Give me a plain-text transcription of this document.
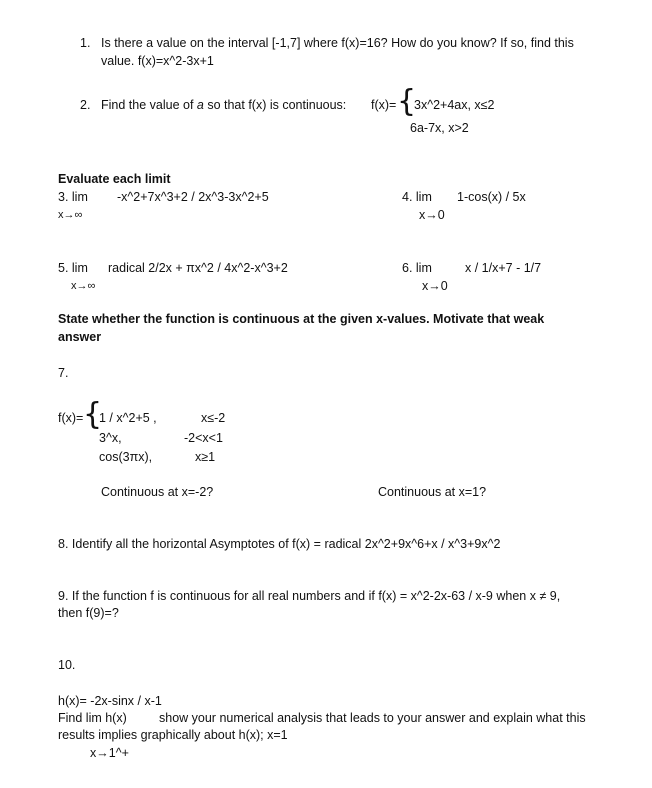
1. Is there a value on the interval [-1,7] where f(x)=16? How do you know? If so, find this
value. f(x)=x^2-3x+1
2. Find the value of a so that f(x) is continuous: f(x)= {
3x^2+4ax, x≤2
6a-7x, x>2
Evaluate each limit
3. lim -x^2+7x^3+2 / 2x^3-3x^2+5
x→∞
4. lim 1-cos(x) / 5x
x→0
5. lim radical 2/2x + πx^2 / 4x^2-x^3+2
x→∞
6. lim	x / 1/x+7 - 1/7
x→0
State whether the function is continuous at the given x-values. Motivate that weak
answer
7.
f(x)= {
1 / x^2+5 ,	x≤-2
3^x,	-2<x<1
cos(3πx),	x≥1
Continuous at x=-2?	Continuous at x=1?
8. Identify all the horizontal Asymptotes of f(x) = radical 2x^2+9x^6+x / x^3+9x^2
9. If the function f is continuous for all real numbers and if f(x) = x^2-2x-63 / x-9 when x ≠ 9,
then f(9)=?
10.
h(x)= -2x-sinx / x-1
Find lim h(x)	show your numerical analysis that leads to your answer and explain what this
results implies graphically about h(x); x=1
x→1^+
